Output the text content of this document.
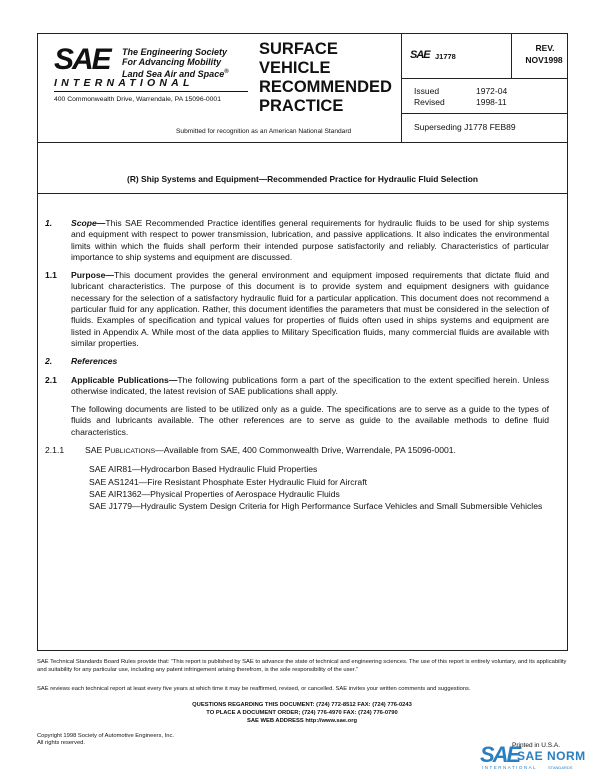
SAE The Engineering Society
For Advancing Mobility
Land Sea Air and Space®
INTERNATIONAL
400 Commonwealth Drive, Warrendale, PA 15096-0001
SURFACE
VEHICLE
RECOMMENDED
PRACTICE
Submitted for recognition as an American National Standard
SAE J1778
REV.
NOV1998
Issued
Revised
1972-04
1998-11
Superseding J1778 FEB89
(R) Ship Systems and Equipment—Recommended Practice for Hydraulic Fluid Selection
1. Scope—This SAE Recommended Practice identifies general requirements for hydraulic fluids to be used for ship systems and equipment with respect to power transmission, lubrication, and passive applications. It also indicates the environmental limits within which the fluids shall perform their intended purpose satisfactorily and reliably. Characteristics of particular importance to ship systems and equipment are discussed.
1.1 Purpose—This document provides the general environment and equipment imposed requirements that dictate fluid and lubricant characteristics. The purpose of this document is to provide system and equipment designers with guidance necessary for the selection of a satisfactory hydraulic fluid for a particular application. This document does not recommend a particular fluid for any application. Rather, this document identifies the parameters that must be considered in the selection of fluids. Examples of specification and typical values for properties of fluids often used in ships systems and equipment are listed in Appendix A. While most of the data applies to Military Specification fluids, many commercial fluids are available with similar properties.
2. References
2.1 Applicable Publications—The following publications form a part of the specification to the extent specified herein. Unless otherwise indicated, the latest revision of SAE publications shall apply.
The following documents are listed to be utilized only as a guide. The specifications are to serve as a guide to the types of fluids and lubricants available. The other references are to serve as guide to the available methods to define fluid characteristics.
2.1.1 SAE PUBLICATIONS—Available from SAE, 400 Commonwealth Drive, Warrendale, PA 15096-0001.
SAE AIR81—Hydrocarbon Based Hydraulic Fluid Properties
SAE AS1241—Fire Resistant Phosphate Ester Hydraulic Fluid for Aircraft
SAE AIR1362—Physical Properties of Aerospace Hydraulic Fluids
SAE J1779—Hydraulic System Design Criteria for High Performance Surface Vehicles and Small Submersible Vehicles
SAE Technical Standards Board Rules provide that: “This report is published by SAE to advance the state of technical and engineering sciences. The use of this report is entirely voluntary, and its applicability and suitability for any particular use, including any patent infringement arising therefrom, is the sole responsibility of the user.”
SAE reviews each technical report at least every five years at which time it may be reaffirmed, revised, or cancelled. SAE invites your written comments and suggestions.
QUESTIONS REGARDING THIS DOCUMENT: (724) 772-8512 FAX: (724) 776-0243
TO PLACE A DOCUMENT ORDER; (724) 776-4970 FAX: (724) 776-0790
SAE WEB ADDRESS http://www.sae.org
Copyright 1998 Society of Automotive Engineers, Inc.
All rights reserved.	SAE
Printed in U.S.A.
SAE NORM
INTERNATIONAL	STANDARDS
